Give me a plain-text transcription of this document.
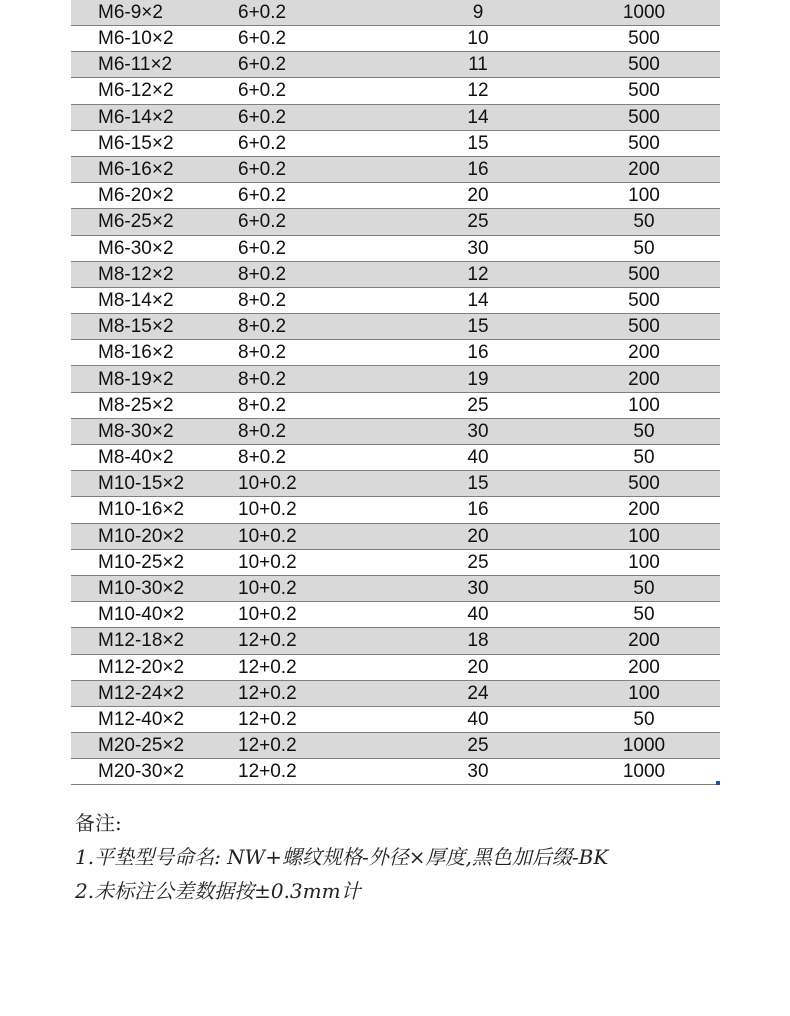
M6-9×2	6+0.2	9	1000
M6-10×2	6+0.2	10	500
M6-11×2	6+0.2	11	500
M6-12×2	6+0.2	12	500
M6-14×2	6+0.2	14	500
M6-15×2	6+0.2	15	500
M6-16×2	6+0.2	16	200
M6-20×2	6+0.2	20	100
M6-25×2	6+0.2	25	50
M6-30×2	6+0.2	30	50
M8-12×2	8+0.2	12	500
M8-14×2	8+0.2	14	500
M8-15×2	8+0.2	15	500
M8-16×2	8+0.2	16	200
M8-19×2	8+0.2	19	200
M8-25×2	8+0.2	25	100
M8-30×2	8+0.2	30	50
M8-40×2	8+0.2	40	50
M10-15×2	10+0.2	15	500
M10-16×2	10+0.2	16	200
M10-20×2	10+0.2	20	100
M10-25×2	10+0.2	25	100
M10-30×2	10+0.2	30	50
M10-40×2	10+0.2	40	50
M12-18×2	12+0.2	18	200
M12-20×2	12+0.2	20	200
M12-24×2	12+0.2	24	100
M12-40×2	12+0.2	40	50
M20-25×2	12+0.2	25	1000
M20-30×2	12+0.2	30	1000
备注:
1.平垫型号命名: NW+螺纹规格-外径×厚度,黑色加后缀-BK
2.未标注公差数据按±0.3mm计
